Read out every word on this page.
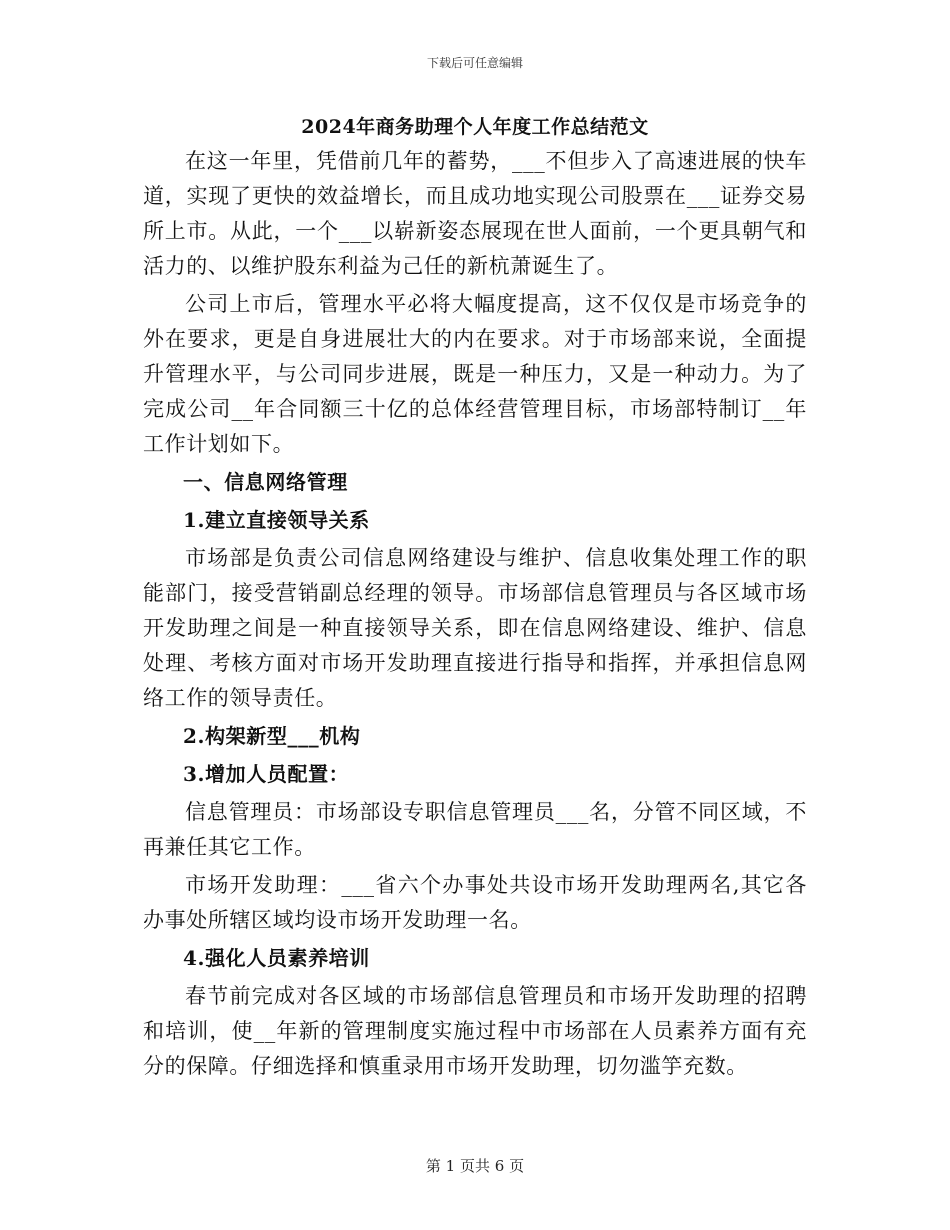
下载后可任意编辑
2024年商务助理个人年度工作总结范文
在这一年里，凭借前几年的蓄势，___不但步入了高速进展的快车道，实现了更快的效益增长，而且成功地实现公司股票在___证券交易所上市。从此，一个___以崭新姿态展现在世人面前，一个更具朝气和活力的、以维护股东利益为己任的新杭萧诞生了。
公司上市后，管理水平必将大幅度提高，这不仅仅是市场竞争的外在要求，更是自身进展壮大的内在要求。对于市场部来说，全面提升管理水平，与公司同步进展，既是一种压力，又是一种动力。为了完成公司__年合同额三十亿的总体经营管理目标，市场部特制订__年工作计划如下。
一、信息网络管理
1.建立直接领导关系
市场部是负责公司信息网络建设与维护、信息收集处理工作的职能部门，接受营销副总经理的领导。市场部信息管理员与各区域市场开发助理之间是一种直接领导关系，即在信息网络建设、维护、信息处理、考核方面对市场开发助理直接进行指导和指挥，并承担信息网络工作的领导责任。
2.构架新型___机构
3.增加人员配置：
信息管理员：市场部设专职信息管理员___名，分管不同区域，不再兼任其它工作。
市场开发助理：___省六个办事处共设市场开发助理两名,其它各办事处所辖区域均设市场开发助理一名。
4.强化人员素养培训
春节前完成对各区域的市场部信息管理员和市场开发助理的招聘和培训，使__年新的管理制度实施过程中市场部在人员素养方面有充分的保障。仔细选择和慎重录用市场开发助理，切勿滥竽充数。
第 1 页共 6 页
